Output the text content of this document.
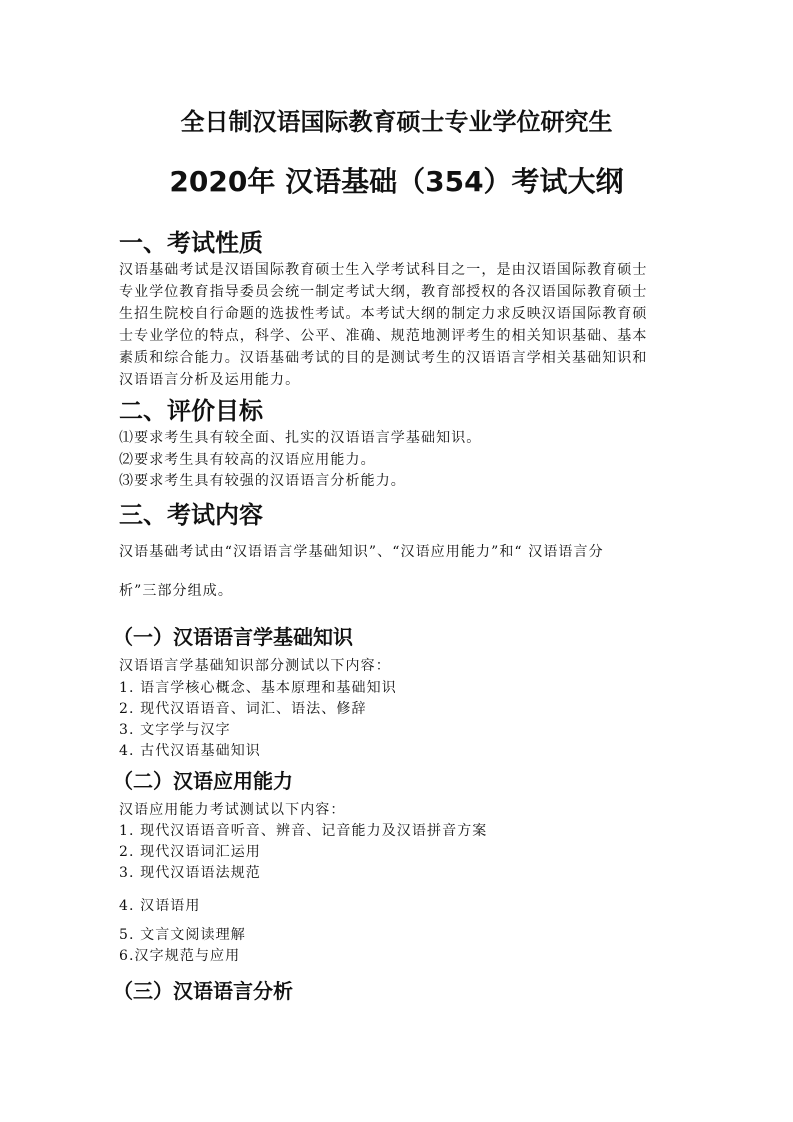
全日制汉语国际教育硕士专业学位研究生
2020年 汉语基础（354）考试大纲
一、考试性质
汉语基础考试是汉语国际教育硕士生入学考试科目之一，是由汉语国际教育硕士
专业学位教育指导委员会统一制定考试大纲，教育部授权的各汉语国际教育硕士
生招生院校自行命题的选拔性考试。本考试大纲的制定力求反映汉语国际教育硕
士专业学位的特点，科学、公平、准确、规范地测评考生的相关知识基础、基本
素质和综合能力。汉语基础考试的目的是测试考生的汉语语言学相关基础知识和
汉语语言分析及运用能力。
二、评价目标
⑴要求考生具有较全面、扎实的汉语语言学基础知识。
⑵要求考生具有较高的汉语应用能力。
⑶要求考生具有较强的汉语语言分析能力。
三、考试内容
汉语基础考试由“汉语语言学基础知识”、“汉语应用能力”和“ 汉语语言分
析”三部分组成。
（一）汉语语言学基础知识
汉语语言学基础知识部分测试以下内容：
1. 语言学核心概念、基本原理和基础知识
2. 现代汉语语音、词汇、语法、修辞
3. 文字学与汉字
4. 古代汉语基础知识
（二）汉语应用能力
汉语应用能力考试测试以下内容：
1. 现代汉语语音听音、辨音、记音能力及汉语拼音方案
2. 现代汉语词汇运用
3. 现代汉语语法规范
4. 汉语语用
5. 文言文阅读理解
6.汉字规范与应用
（三）汉语语言分析
